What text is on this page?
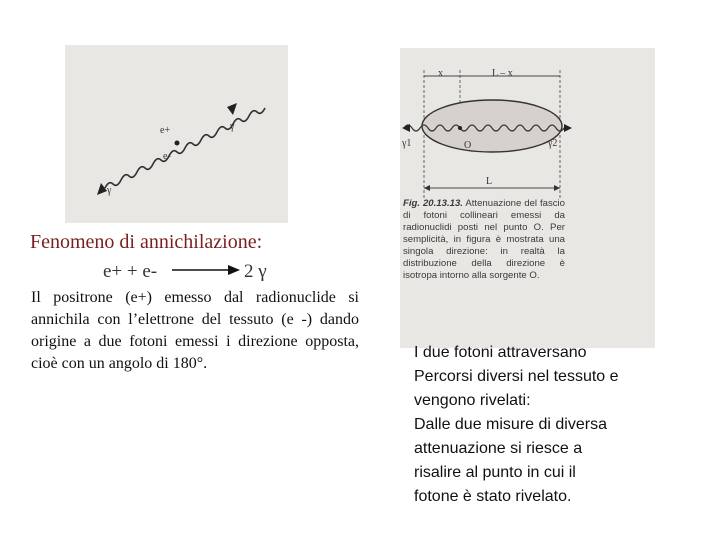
e+
e-
γ
γ
x	L – x
O
L
γ1	γ2
Fig. 20.13.13. Attenuazione del fascio di fotoni collineari emessi da radionuclidi posti nel punto O. Per semplicità, in figura è mostrata una singola direzione: in realtà la distribuzione della direzione è isotropa intorno alla sorgente O.
Fenomeno di annichilazione:
e+ + e-	2 γ
Il positrone (e+) emesso dal radionuclide si annichila con l’elettrone del tessuto (e -) dando origine a due fotoni emessi i direzione opposta, cioè con un angolo di 180°.
I due fotoni attraversano
Percorsi diversi nel tessuto e
vengono rivelati:
Dalle due misure di diversa
attenuazione si riesce a
risalire al punto in cui il
fotone è stato rivelato.
